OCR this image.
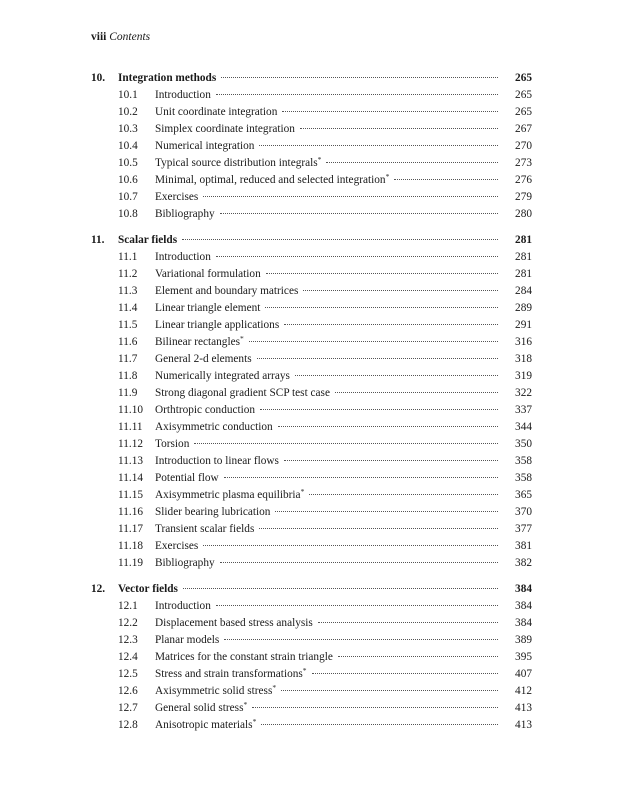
viii Contents
10.	Integration methods	265
10.1	Introduction	265
10.2	Unit coordinate integration	265
10.3	Simplex coordinate integration	267
10.4	Numerical integration	270
10.5	Typical source distribution integrals*	273
10.6	Minimal, optimal, reduced and selected integration*	276
10.7	Exercises	279
10.8	Bibliography	280
11.	Scalar fields	281
11.1	Introduction	281
11.2	Variational formulation	281
11.3	Element and boundary matrices	284
11.4	Linear triangle element	289
11.5	Linear triangle applications	291
11.6	Bilinear rectangles*	316
11.7	General 2-d elements	318
11.8	Numerically integrated arrays	319
11.9	Strong diagonal gradient SCP test case	322
11.10	Orthtropic conduction	337
11.11	Axisymmetric conduction	344
11.12	Torsion	350
11.13	Introduction to linear flows	358
11.14	Potential flow	358
11.15	Axisymmetric plasma equilibria*	365
11.16	Slider bearing lubrication	370
11.17	Transient scalar fields	377
11.18	Exercises	381
11.19	Bibliography	382
12.	Vector fields	384
12.1	Introduction	384
12.2	Displacement based stress analysis	384
12.3	Planar models	389
12.4	Matrices for the constant strain triangle	395
12.5	Stress and strain transformations*	407
12.6	Axisymmetric solid stress*	412
12.7	General solid stress*	413
12.8	Anisotropic materials*	413
